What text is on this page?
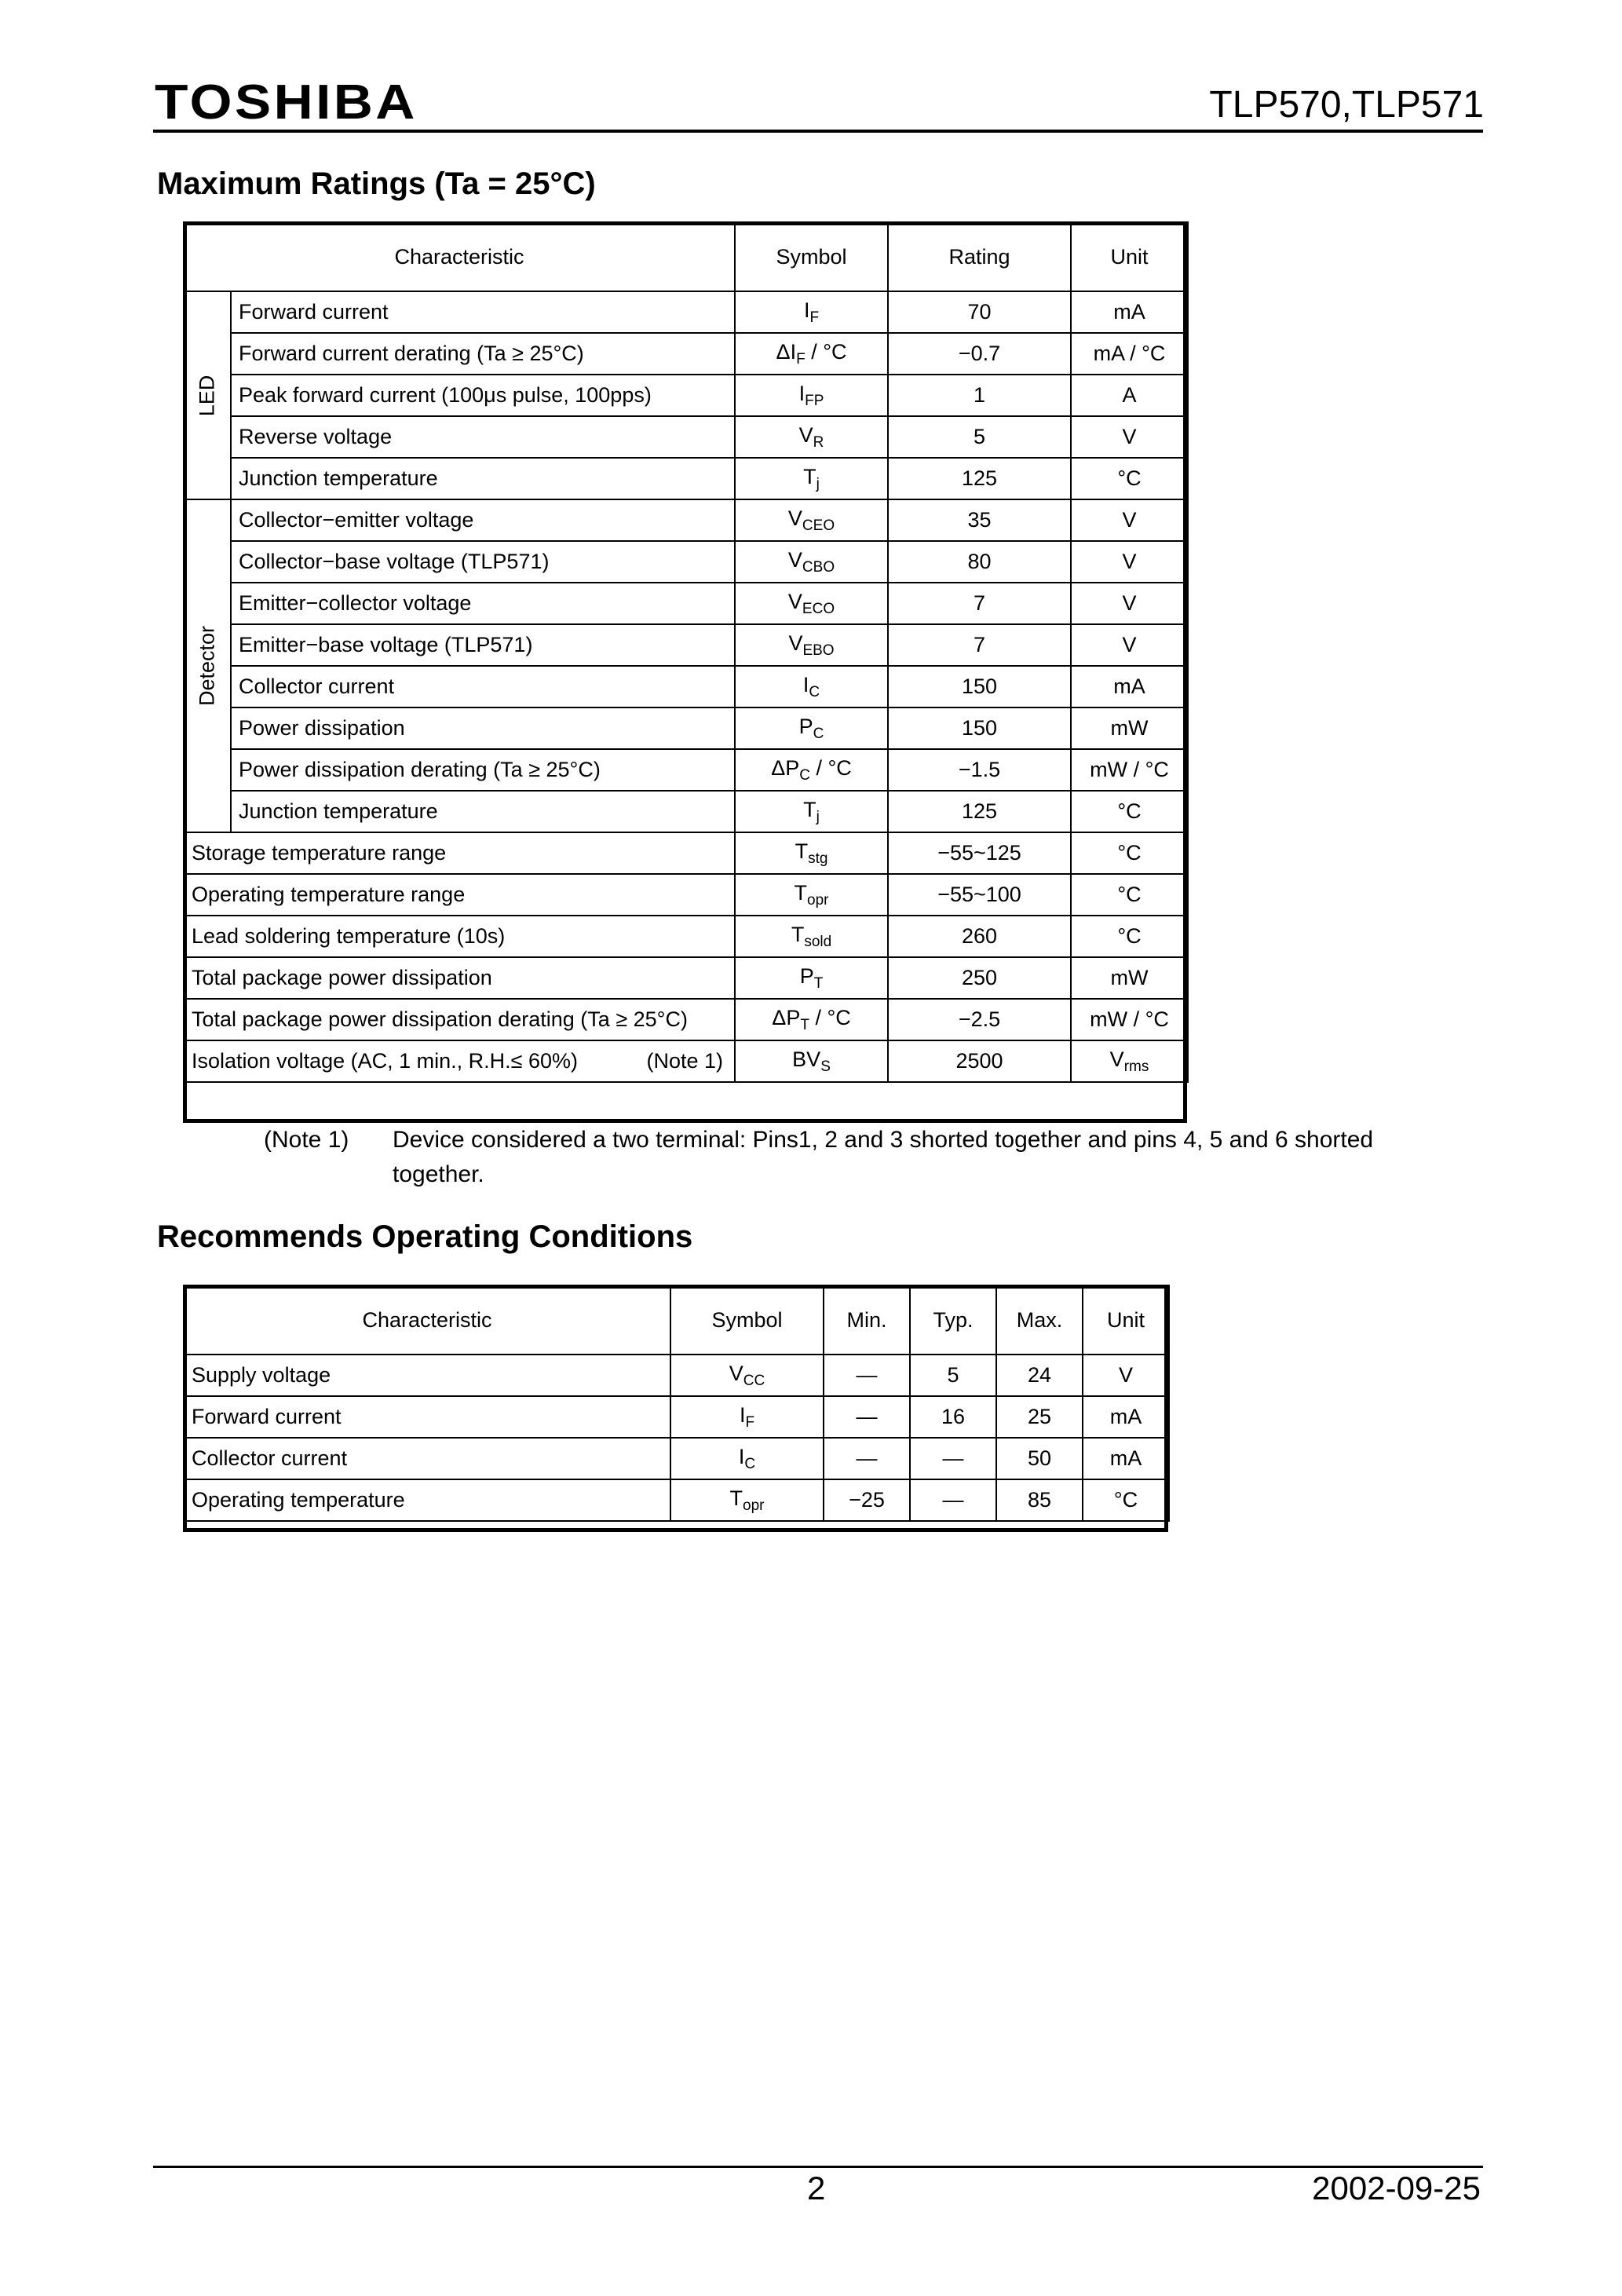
TOSHIBA	TLP570,TLP571
Maximum Ratings (Ta = 25°C)
Characteristic		Symbol	Rating	Unit

LED	Forward current	$I_F$	70	mA
	Forward current derating (Ta ≥ 25°C)	$\Delta I_F / ^\circ C$	−0.7	mA / °C
	Peak forward current (100μs pulse, 100pps)	$I_{FP}$	1	A
	Reverse voltage	$V_R$	5	V
	Junction temperature	$T_j$	125	°C

Detector	Collector−emitter voltage	$V_{CEO}$	35	V
	Collector−base voltage (TLP571)	$V_{CBO}$	80	V
	Emitter−collector voltage	$V_{ECO}$	7	V
	Emitter−base voltage (TLP571)	$V_{EBO}$	7	V
	Collector current	$I_C$	150	mA
	Power dissipation	$P_C$	150	mW
	Power dissipation derating (Ta ≥ 25°C)	$\Delta P_C / ^\circ C$	−1.5	mW / °C
	Junction temperature	$T_j$	125	°C
Storage temperature range		$T_{stg}$	−55~125	°C
Operating temperature range		$T_{opr}$	−55~100	°C
Lead soldering temperature (10s)		$T_{sold}$	260	°C
Total package power dissipation		$P_T$	250	mW
Total package power dissipation derating (Ta ≥ 25°C)		$\Delta P_T / ^\circ C$	−2.5	mW / °C
Isolation voltage (AC, 1 min., R.H.≤ 60%) (Note 1)		$BV_S$	2500	$V_{rms}$
(Note 1) Device considered a two terminal: Pins1, 2 and 3 shorted together and pins 4, 5 and 6 shorted together.
Recommends Operating Conditions
Characteristic	Symbol	Min.	Typ.	Max.	Unit
Supply voltage	$V_{CC}$	—	5	24	V
Forward current	$I_F$	—	16	25	mA
Collector current	$I_C$	—	—	50	mA
Operating temperature	$T_{opr}$	−25	—	85	°C
2	2002-09-25
